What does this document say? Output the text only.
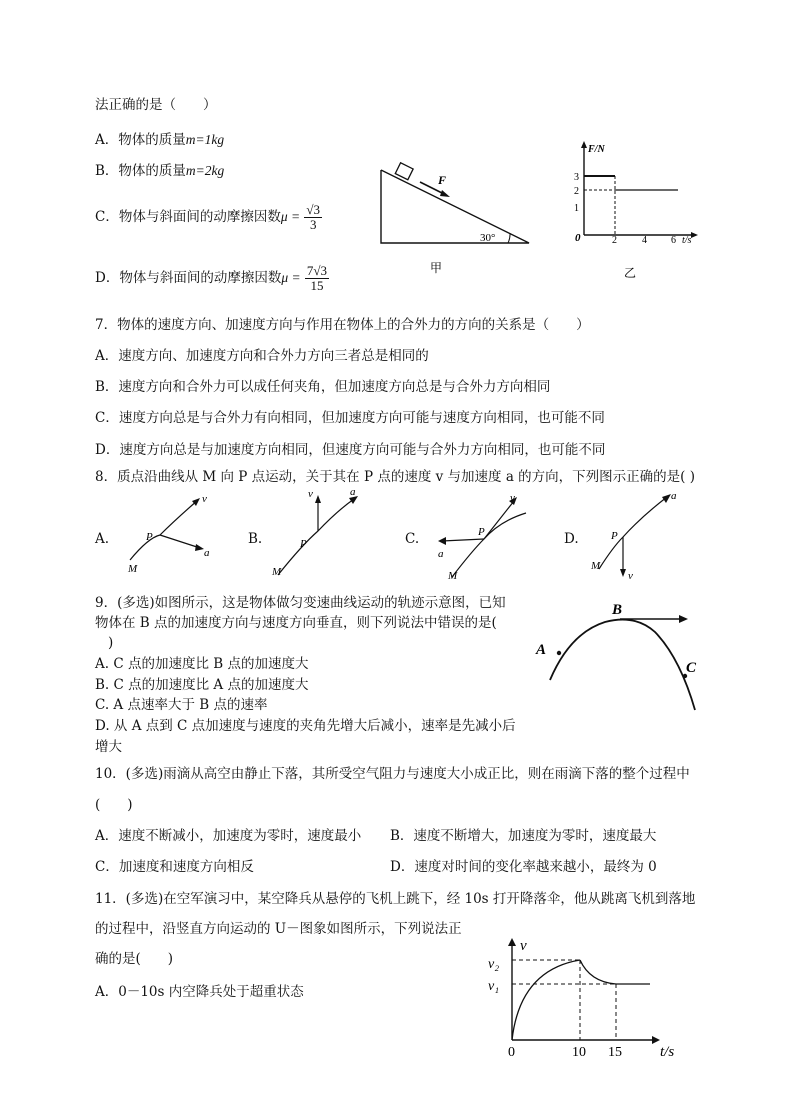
法正确的是（　　）
A．物体的质量m=1kg
B．物体的质量m=2kg
C．物体与斜面间的动摩擦因数$\mu = \frac{√3}{3}$
D．物体与斜面间的动摩擦因数$\mu = \frac{7√3}{15}$
F
30°
甲
F/N
3
2
1
0	2	4 6 t/s
乙
7．物体的速度方向、加速度方向与作用在物体上的合外力的方向的关系是（　　）
A．速度方向、加速度方向和合外力方向三者总是相同的
B．速度方向和合外力可以成任何夹角，但加速度方向总是与合外力方向相同
C．速度方向总是与合外力有向相同，但加速度方向可能与速度方向相同，也可能不同
D．速度方向总是与加速度方向相同，但速度方向可能与合外力方向相同，也可能不同
8．质点沿曲线从 M 向 P 点运动，关于其在 P 点的速度 v 与加速度 a 的方向，下列图示正确的是( )
A.
v
a
P
M
B.
v	a
P
M
C.
v
a
P
M
D.
a
v
P
M
9．(多选)如图所示，这是物体做匀变速曲线运动的轨迹示意图，已知
物体在 B 点的加速度方向与速度方向垂直，则下列说法中错误的是(
)
A. C 点的加速度比 B 点的加速度大
B. C 点的加速度比 A 点的加速度大
C. A 点速率大于 B 点的速率
D. 从 A 点到 C 点加速度与速度的夹角先增大后减小，速率是先减小后
增大
A
B
C
10．(多选)雨滴从高空由静止下落，其所受空气阻力与速度大小成正比，则在雨滴下落的整个过程中
(　　)
A．速度不断减小，加速度为零时，速度最小 B．速度不断增大，加速度为零时，速度最大
C．加速度和速度方向相反	D．速度对时间的变化率越来越小，最终为 0
11．(多选)在空军演习中，某空降兵从悬停的飞机上跳下，经 10s 打开降落伞，他从跳离飞机到落地
的过程中，沿竖直方向运动的 U－图象如图所示，下列说法正
确的是(　　)
A．0－10s 内空降兵处于超重状态
v
v₂
v₁
0	10 15	t/s
